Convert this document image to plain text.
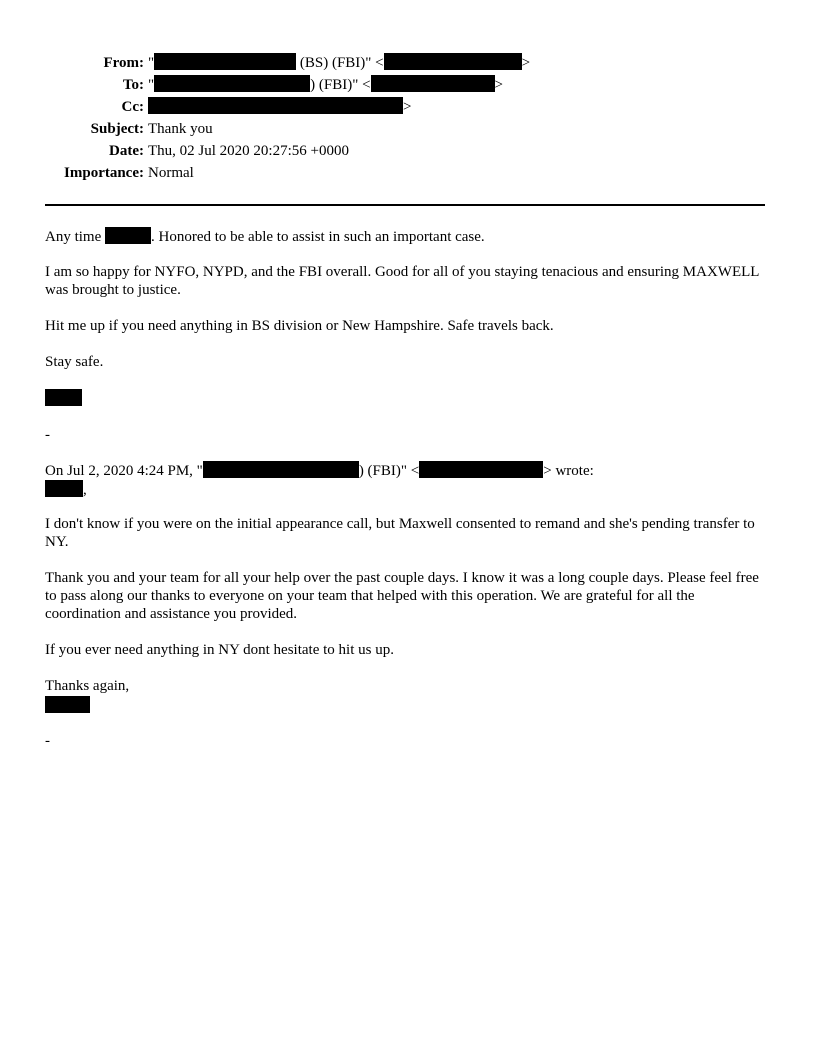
From: "	(BS) (FBI)" <	>
To: "	) (FBI)" <	>
Cc:	>
Subject: Thank you
Date: Thu, 02 Jul 2020 20:27:56 +0000
Importance: Normal
Any time	. Honored to be able to assist in such an important case.
I am so happy for NYFO, NYPD, and the FBI overall. Good for all of you staying tenacious and ensuring MAXWELL was brought to justice.
Hit me up if you need anything in BS division or New Hampshire. Safe travels back.
Stay safe.
-
On Jul 2, 2020 4:24 PM, "	) (FBI)" <	> wrote:
,
I don't know if you were on the initial appearance call, but Maxwell consented to remand and she's pending transfer to NY.
Thank you and your team for all your help over the past couple days. I know it was a long couple days. Please feel free to pass along our thanks to everyone on your team that helped with this operation. We are grateful for all the coordination and assistance you provided.
If you ever need anything in NY dont hesitate to hit us up.
Thanks again,
-
